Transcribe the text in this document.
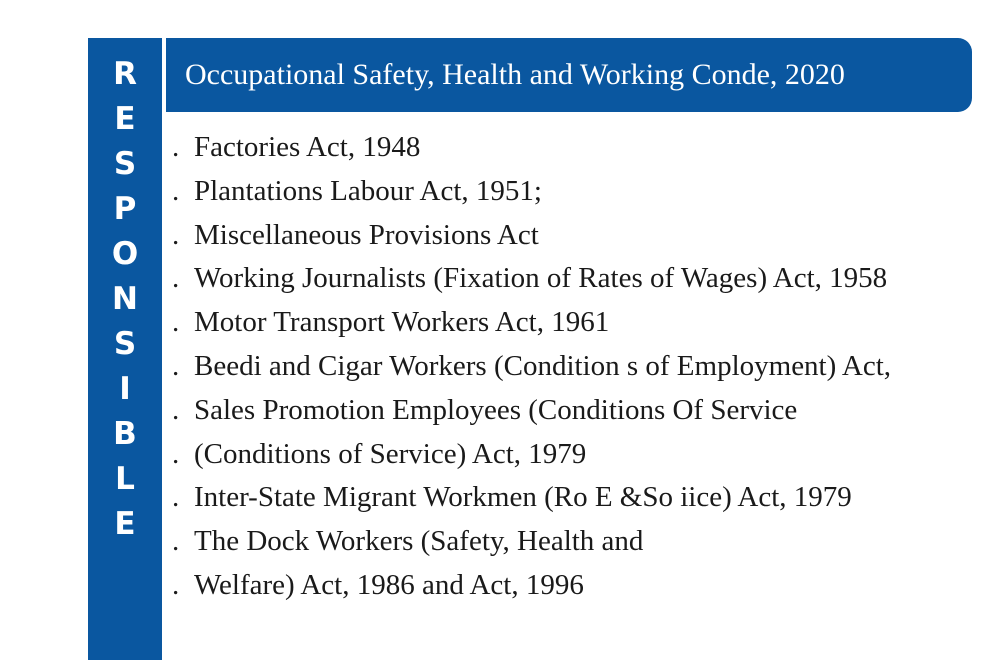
R
E
S
P
O
N
S
I
B
L
E
Occupational Safety, Health and Working Conde, 2020
. Factories Act, 1948
. Plantations Labour Act, 1951;
. Miscellaneous Provisions Act
. Working Journalists (Fixation of Rates of Wages) Act, 1958
. Motor Transport Workers Act, 1961
. Beedi and Cigar Workers (Condition s of Employment) Act,
. Sales Promotion Employees (Conditions Of Service
. (Conditions of Service) Act, 1979
. Inter-State Migrant Workmen (Ro E &So iice) Act, 1979
. The Dock Workers (Safety, Health and
. Welfare) Act, 1986 and Act, 1996
